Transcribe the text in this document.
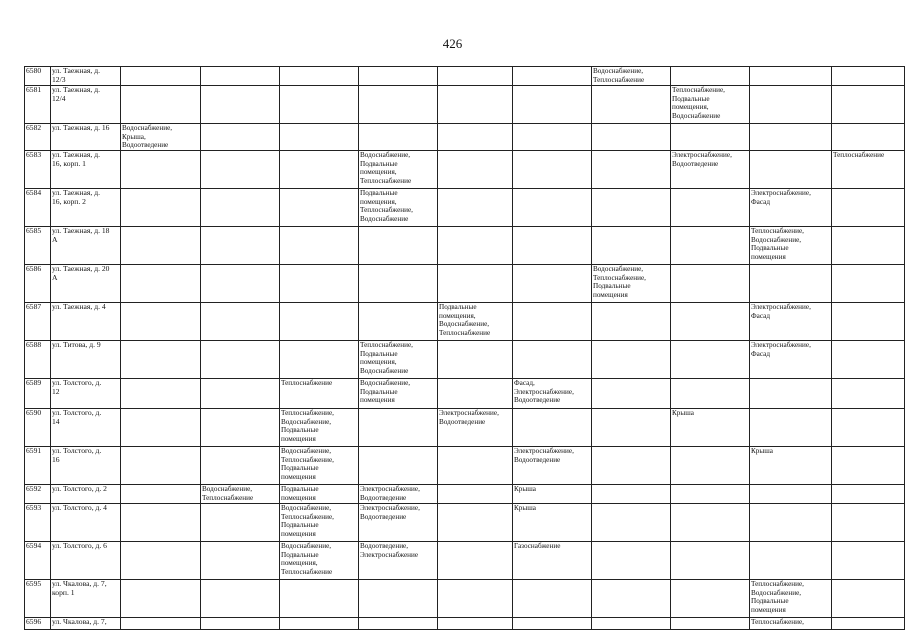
426
6580	ул. Таежная, д.
12/3							Водоснабжение,
Теплоснабжение			
6581	ул. Таежная, д.
12/4								Теплоснабжение,
Подвальные
помещения,
Водоснабжение		
6582	ул. Таежная, д. 16	Водоснабжение,
Крыша,
Водоотведение									
6583	ул. Таежная, д.
16, корп. 1				Водоснабжение,
Подвальные
помещения,
Теплоснабжение				Электроснабжение,
Водоотведение		Теплоснабжение
6584	ул. Таежная, д.
16, корп. 2				Подвальные
помещения,
Теплоснабжение,
Водоснабжение					Электроснабжение,
Фасад	
6585	ул. Таежная, д. 18
А									Теплоснабжение,
Водоснабжение,
Подвальные
помещения	
6586	ул. Таежная, д. 20
А							Водоснабжение,
Теплоснабжение,
Подвальные
помещения			
6587	ул. Таежная, д. 4					Подвальные
помещения,
Водоснабжение,
Теплоснабжение				Электроснабжение,
Фасад	
6588	ул. Титова, д. 9				Теплоснабжение,
Подвальные
помещения,
Водоснабжение					Электроснабжение,
Фасад	
6589	ул. Толстого, д.
12			Теплоснабжение	Водоснабжение,
Подвальные
помещения		Фасад,
Электроснабжение,
Водоотведение				
6590	ул. Толстого, д.
14			Теплоснабжение,
Водоснабжение,
Подвальные
помещения		Электроснабжение,
Водоотведение			Крыша		
6591	ул. Толстого, д.
16			Водоснабжение,
Теплоснабжение,
Подвальные
помещения			Электроснабжение,
Водоотведение			Крыша	
6592	ул. Толстого, д. 2		Водоснабжение,
Теплоснабжение	Подвальные
помещения	Электроснабжение,
Водоотведение		Крыша				
6593	ул. Толстого, д. 4			Водоснабжение,
Теплоснабжение,
Подвальные
помещения	Электроснабжение,
Водоотведение		Крыша				
6594	ул. Толстого, д. 6			Водоснабжение,
Подвальные
помещения,
Теплоснабжение	Водоотведение,
Электроснабжение		Газоснабжение				
6595	ул. Чкалова, д. 7,
корп. 1									Теплоснабжение,
Водоснабжение,
Подвальные
помещения	
6596	ул. Чкалова, д. 7,									Теплоснабжение,	
